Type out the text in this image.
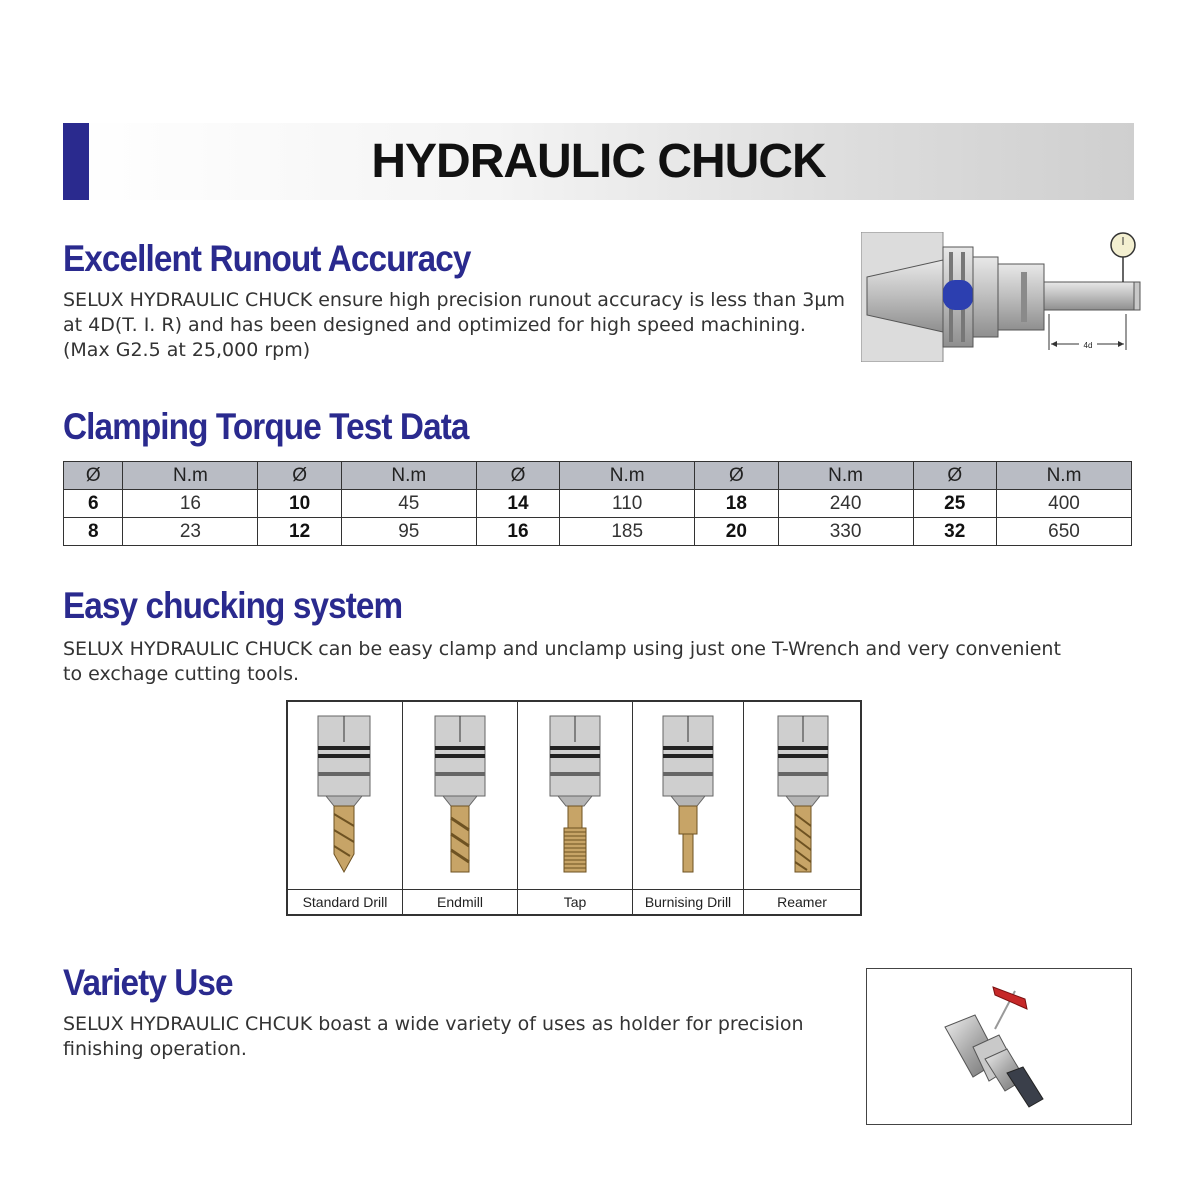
HYDRAULIC CHUCK
Excellent Runout Accuracy
SELUX HYDRAULIC CHUCK ensure high precision runout accuracy is less than 3µm
at 4D(T. I. R) and has been designed and optimized for high speed machining.
(Max G2.5 at 25,000 rpm)	4d
Clamping Torque Test Data
Ø	N.m	Ø	N.m	Ø	N.m	Ø	N.m	Ø	N.m
6	16	10	45	14	110	18	240	25	400
8	23	12	95	16	185	20	330	32	650
Easy chucking system
SELUX HYDRAULIC CHUCK can be easy clamp and unclamp using just one T-Wrench and very convenient
to exchage cutting tools.
Standard Drill	Endmill	Tap	Burnising Drill	Reamer
Variety Use
SELUX HYDRAULIC CHCUK boast a wide variety of uses as holder for precision
finishing operation.
